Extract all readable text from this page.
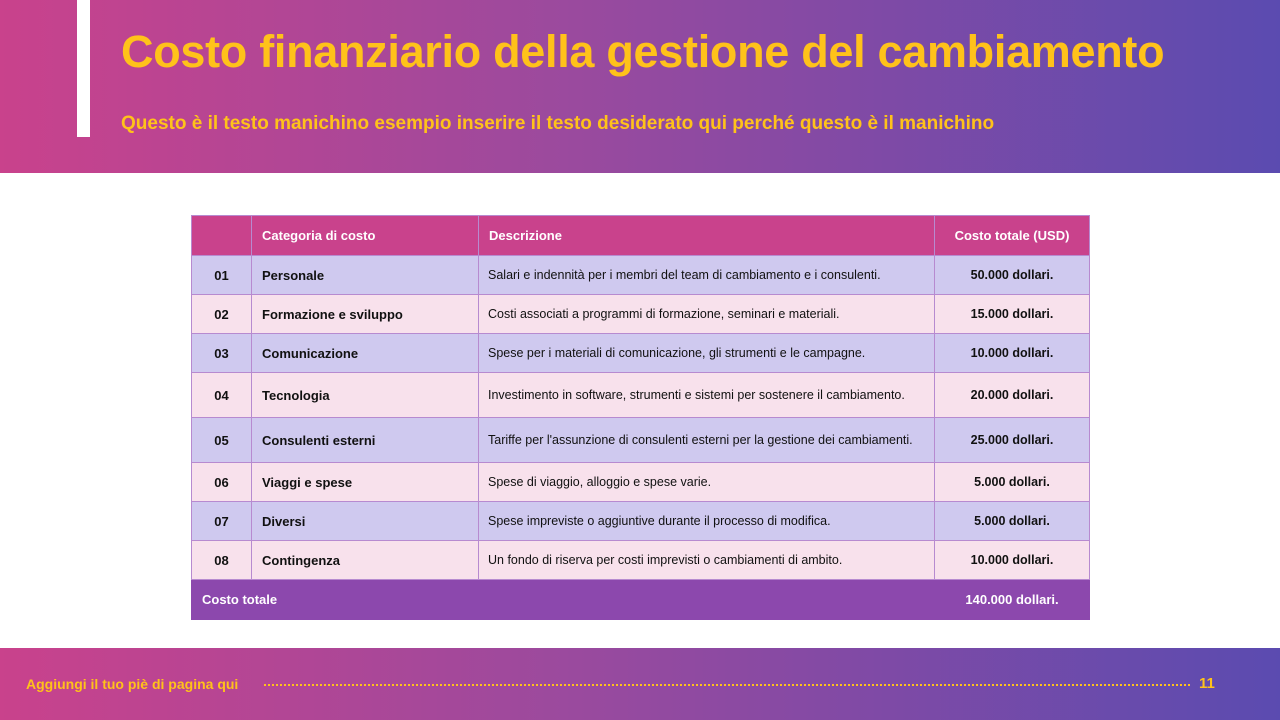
Costo finanziario della gestione del cambiamento

Questo è il testo manichino esempio inserire il testo desiderato qui perché questo è il manichino

	Categoria di costo	Descrizione	Costo totale (USD)
01	Personale	Salari e indennità per i membri del team di cambiamento e i consulenti.	50.000 dollari.
02	Formazione e sviluppo	Costi associati a programmi di formazione, seminari e materiali.	15.000 dollari.
03	Comunicazione	Spese per i materiali di comunicazione, gli strumenti e le campagne.	10.000 dollari.
04	Tecnologia	Investimento in software, strumenti e sistemi per sostenere il cambiamento.	20.000 dollari.
05	Consulenti esterni	Tariffe per l'assunzione di consulenti esterni per la gestione dei cambiamenti.	25.000 dollari.
06	Viaggi e spese	Spese di viaggio, alloggio e spese varie.	5.000 dollari.
07	Diversi	Spese impreviste o aggiuntive durante il processo di modifica.	5.000 dollari.
08	Contingenza	Un fondo di riserva per costi imprevisti o cambiamenti di ambito.	10.000 dollari.
Costo totale			140.000 dollari.
Aggiungi il tuo piè di pagina qui	11
